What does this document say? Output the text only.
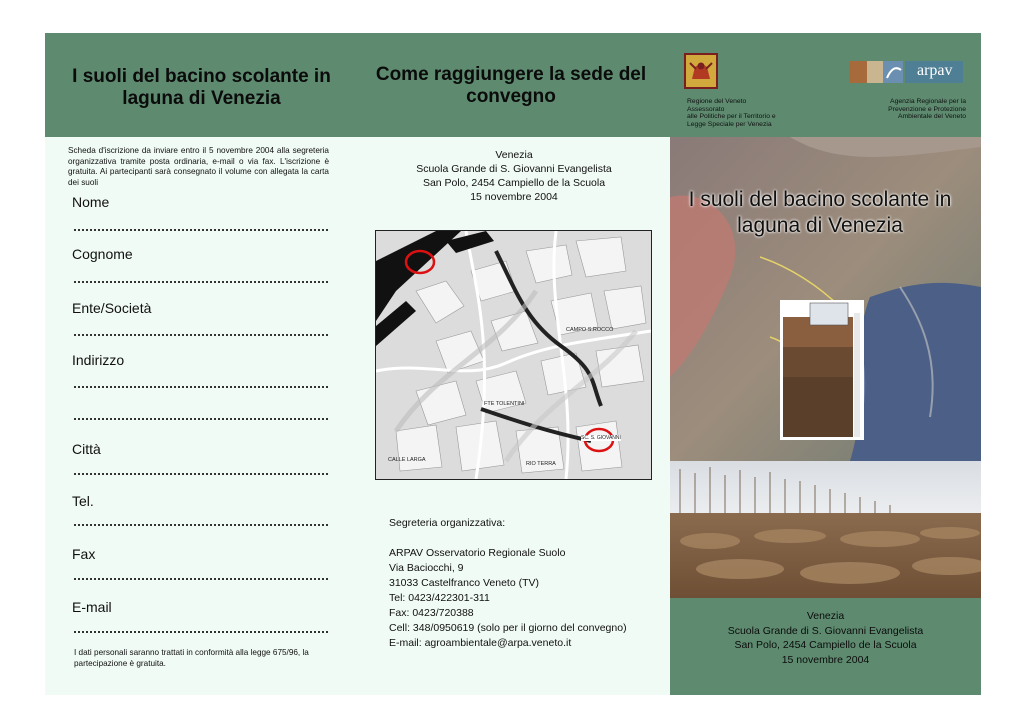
I suoli del bacino scolante in laguna di Venezia
Come raggiungere la sede del convegno	Regione del Veneto
Assessorato
alle Politiche per il Territorio e
Legge Speciale per Venezia
arpav
Agenzia Regionale per la
Prevenzione e Protezione
Ambientale del Veneto
Scheda d'iscrizione da inviare entro il 5 novembre 2004 alla segreteria organizzativa tramite posta ordinaria, e-mail o via fax. L'iscrizione è gratuita. Ai partecipanti sarà consegnato il volume con allegata la carta dei suoli
Nome
Cognome
Ente/Società
Indirizzo
Città
Tel.
Fax
E-mail
I dati personali saranno trattati in conformità alla legge 675/96, la partecipazione è gratuita.
Venezia
Scuola Grande di S. Giovanni Evangelista
San Polo, 2454 Campiello de la Scuola
15 novembre 2004
FTE TOLENTINI
CAMPO S.ROCCO
SC. S. GIOVANNI
CALLE LARGA
RIO TERRA
Segreteria organizzativa:
ARPAV Osservatorio Regionale Suolo
Via Baciocchi, 9
31033 Castelfranco Veneto (TV)
Tel: 0423/422301-311
Fax: 0423/720388
Cell: 348/0950619 (solo per il giorno del convegno)
E-mail: agroambientale@arpa.veneto.it
I suoli del bacino scolante in laguna di Venezia
Venezia
Scuola Grande di S. Giovanni Evangelista
San Polo, 2454 Campiello de la Scuola
15 novembre 2004
